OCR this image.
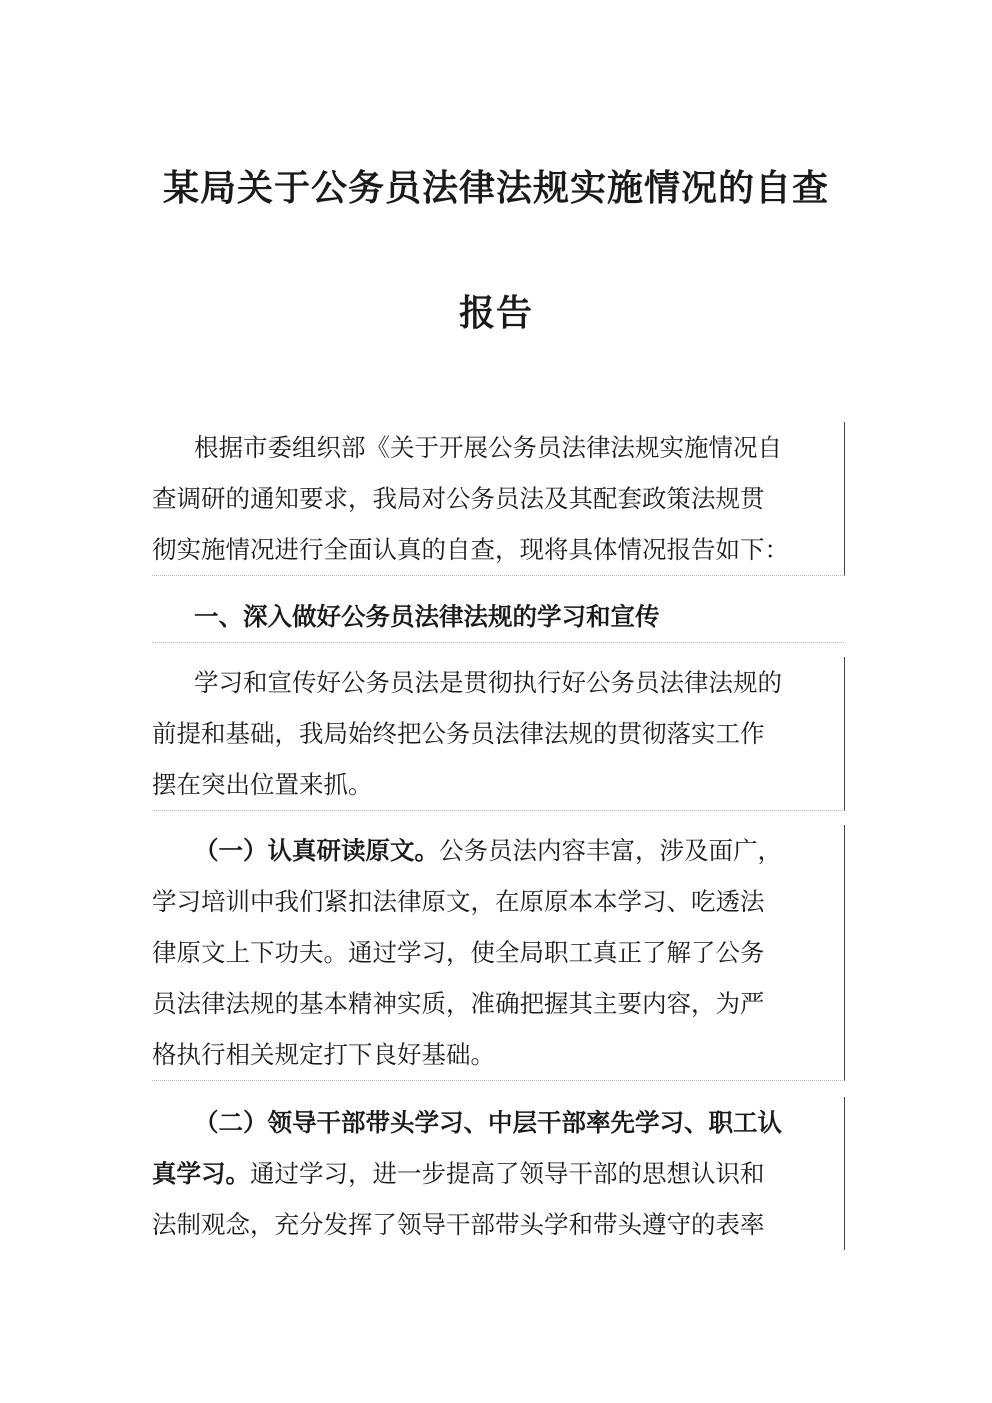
某局关于公务员法律法规实施情况的自查
报告
根据市委组织部《关于开展公务员法律法规实施情况自
查调研的通知要求，我局对公务员法及其配套政策法规贯
彻实施情况进行全面认真的自查，现将具体情况报告如下：
一、深入做好公务员法律法规的学习和宣传
学习和宣传好公务员法是贯彻执行好公务员法律法规的
前提和基础，我局始终把公务员法律法规的贯彻落实工作
摆在突出位置来抓。
（一）认真研读原文。公务员法内容丰富，涉及面广，
学习培训中我们紧扣法律原文，在原原本本学习、吃透法
律原文上下功夫。通过学习，使全局职工真正了解了公务
员法律法规的基本精神实质，准确把握其主要内容，为严
格执行相关规定打下良好基础。
（二）领导干部带头学习、中层干部率先学习、职工认
真学习。通过学习，进一步提高了领导干部的思想认识和
法制观念，充分发挥了领导干部带头学和带头遵守的表率
